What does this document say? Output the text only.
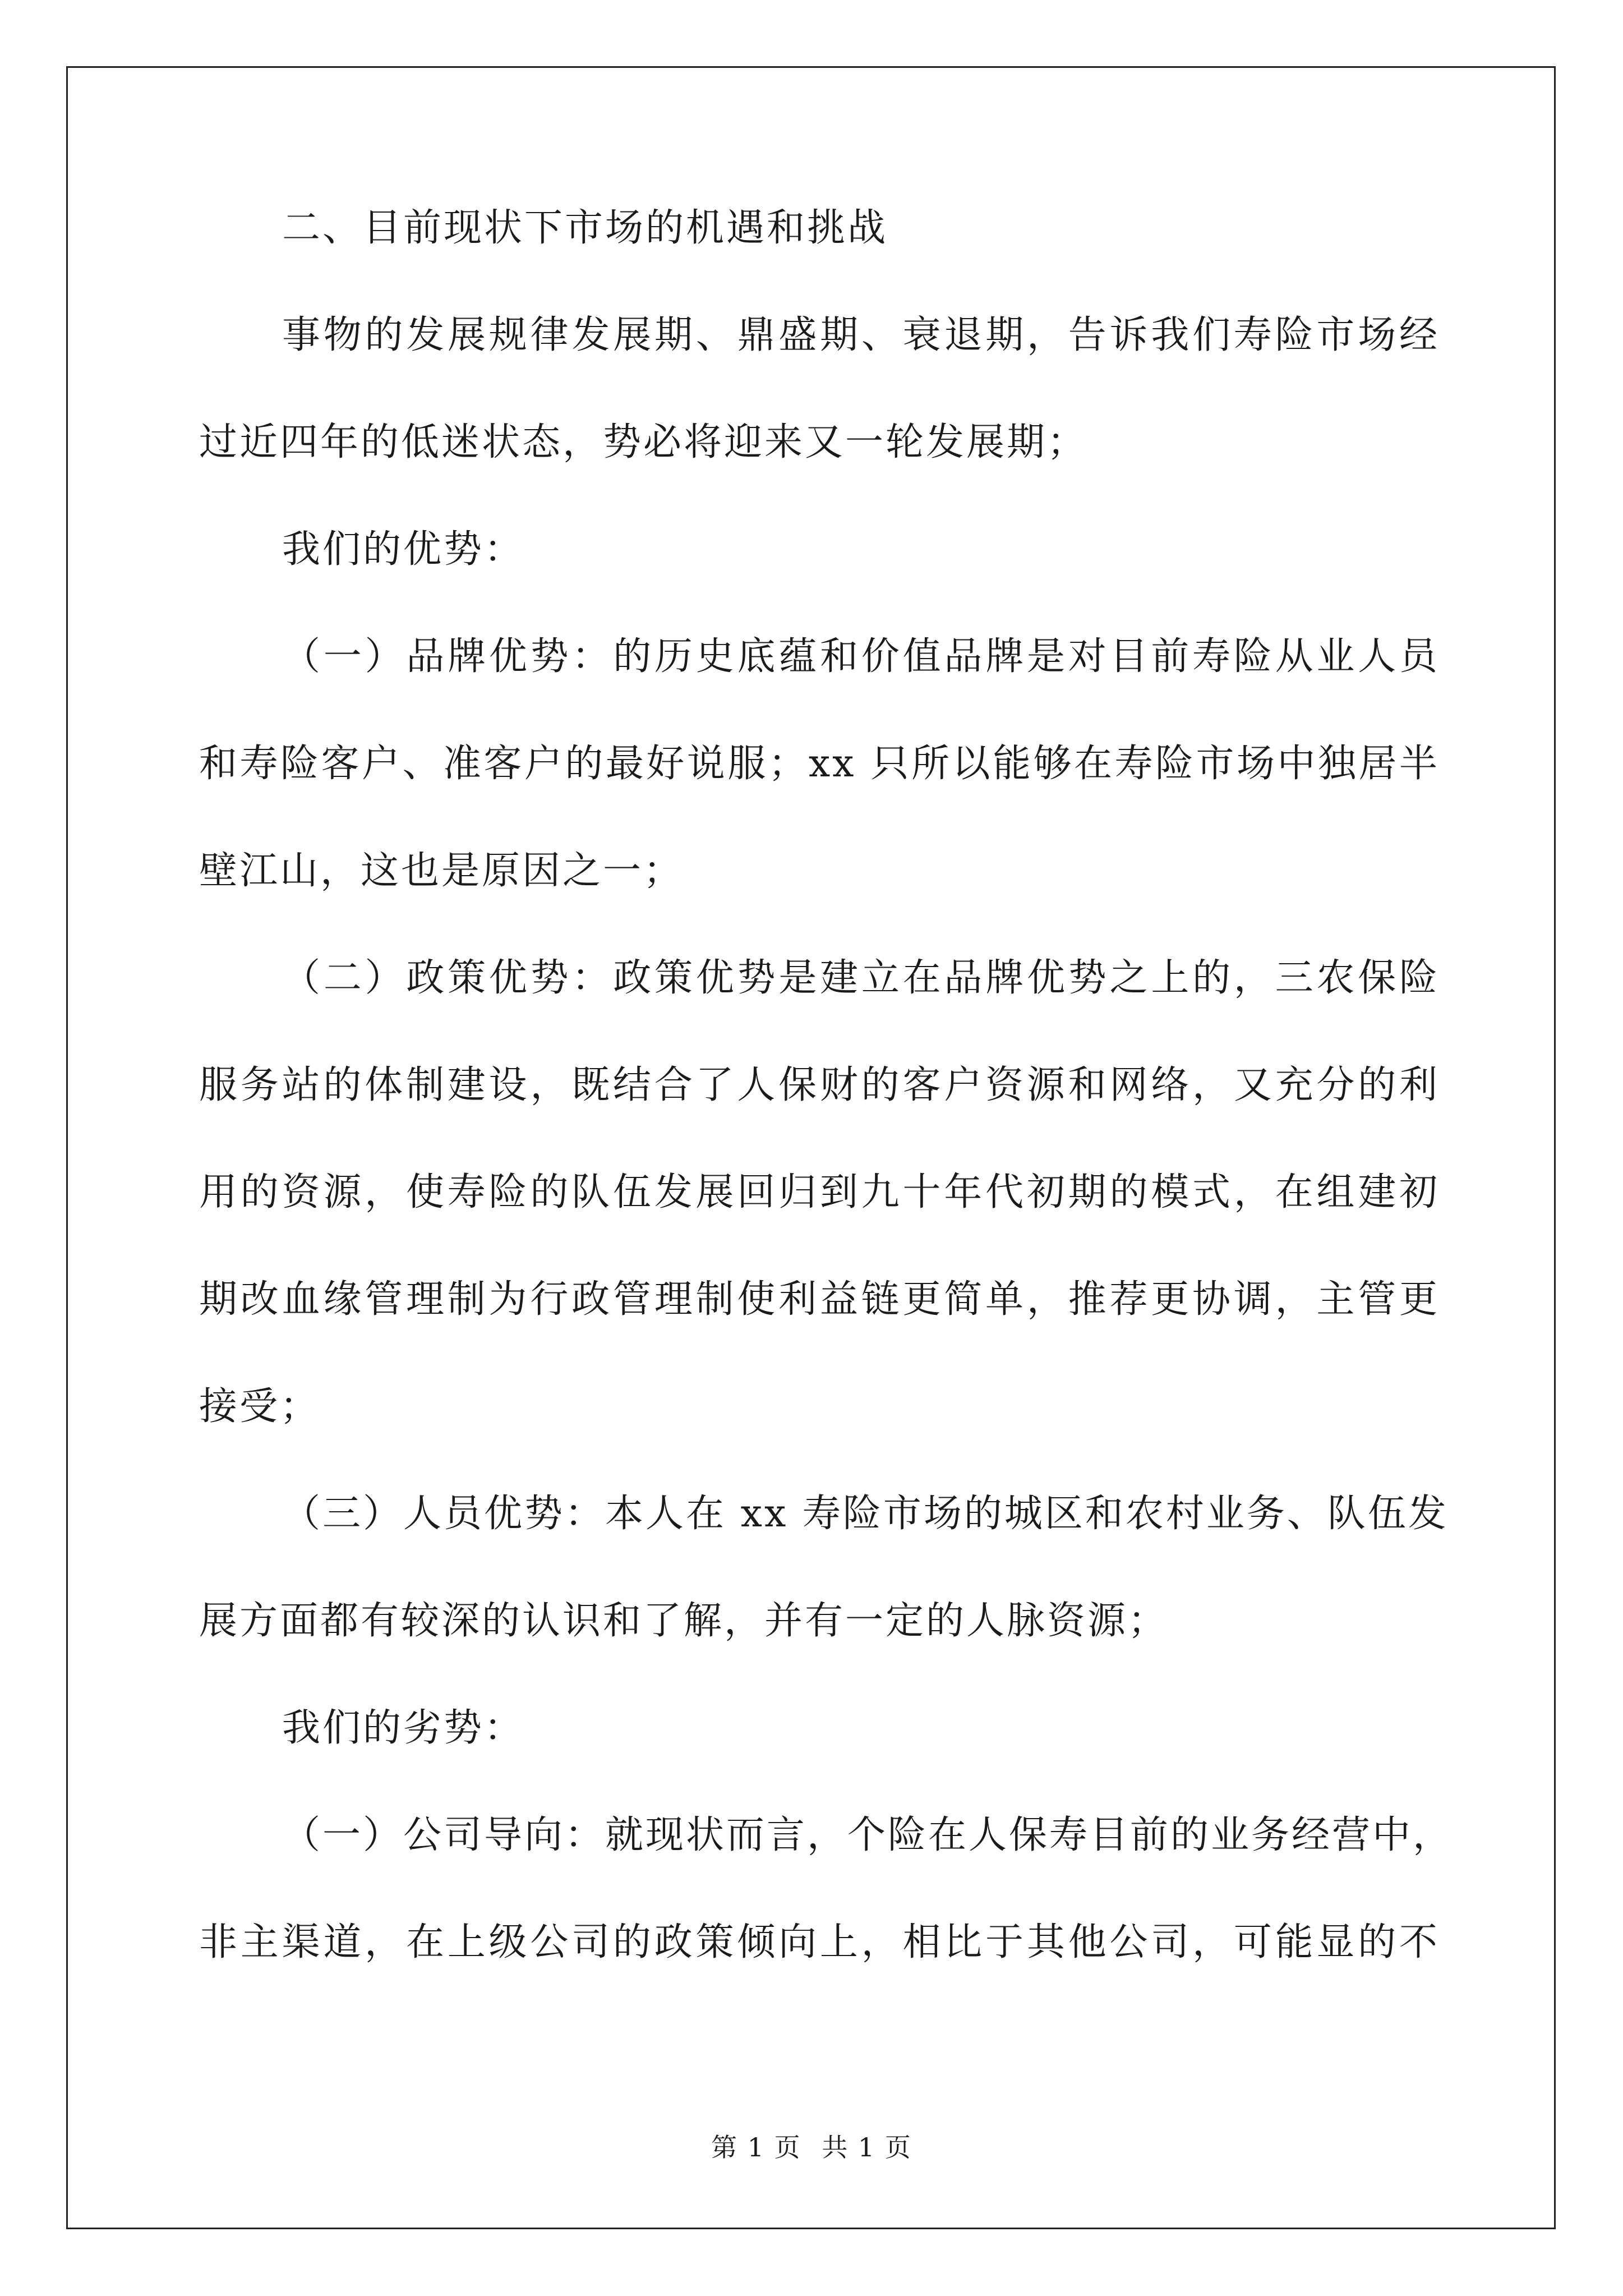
二、目前现状下市场的机遇和挑战
事物的发展规律发展期、鼎盛期、衰退期，告诉我们寿险市场经
过近四年的低迷状态，势必将迎来又一轮发展期；
我们的优势：
（一）品牌优势：的历史底蕴和价值品牌是对目前寿险从业人员
和寿险客户、准客户的最好说服；xx 只所以能够在寿险市场中独居半
壁江山，这也是原因之一；
（二）政策优势：政策优势是建立在品牌优势之上的，三农保险
服务站的体制建设，既结合了人保财的客户资源和网络，又充分的利
用的资源，使寿险的队伍发展回归到九十年代初期的模式，在组建初
期改血缘管理制为行政管理制使利益链更简单，推荐更协调，主管更
接受；
（三）人员优势：本人在 xx 寿险市场的城区和农村业务、队伍发
展方面都有较深的认识和了解，并有一定的人脉资源；
我们的劣势：
（一）公司导向：就现状而言，个险在人保寿目前的业务经营中，
非主渠道，在上级公司的政策倾向上，相比于其他公司，可能显的不
第 1 页 共 1 页
